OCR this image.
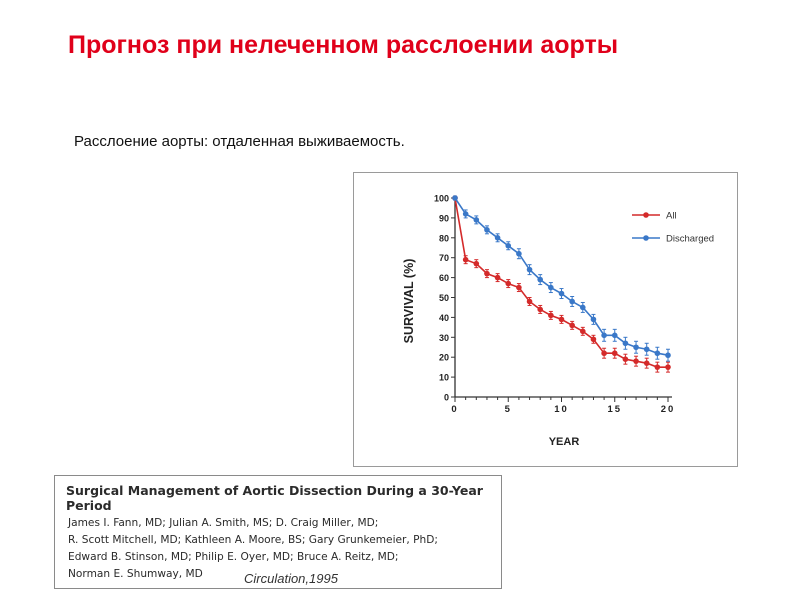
Прогноз при нелеченном расслоении аорты
Расслоение аорты: отдаленная выживаемость.
0
10
20
30
40
50
60
70
80
90
100
0	5	10	15	20
All
Discharged
SURVIVAL (%)
YEAR
Surgical Management of Aortic Dissection During a 30-Year Period
James I. Fann, MD; Julian A. Smith, MS; D. Craig Miller, MD;
R. Scott Mitchell, MD; Kathleen A. Moore, BS; Gary Grunkemeier, PhD;
Edward B. Stinson, MD; Philip E. Oyer, MD; Bruce A. Reitz, MD;
Norman E. Shumway, MD	Circulation,1995
